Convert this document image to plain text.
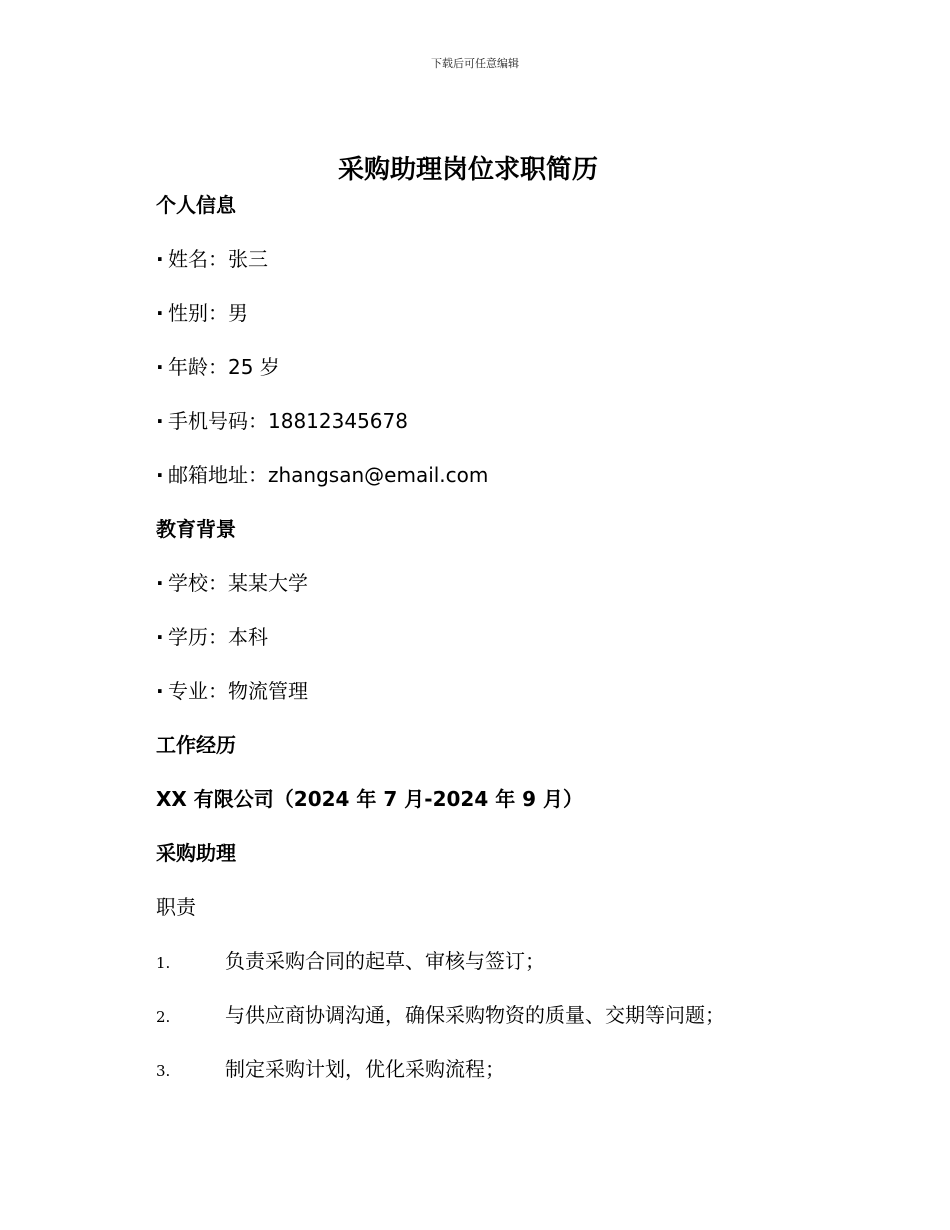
下载后可任意编辑
采购助理岗位求职简历
个人信息
· 姓名：张三
· 性别：男
· 年龄：25 岁
· 手机号码：18812345678
· 邮箱地址：zhangsan@email.com
教育背景
· 学校：某某大学
· 学历：本科
· 专业：物流管理
工作经历
XX 有限公司（2024 年 7 月-2024 年 9 月）
采购助理
职责
1.	负责采购合同的起草、审核与签订；
2.	与供应商协调沟通，确保采购物资的质量、交期等问题；
3.	制定采购计划，优化采购流程；
